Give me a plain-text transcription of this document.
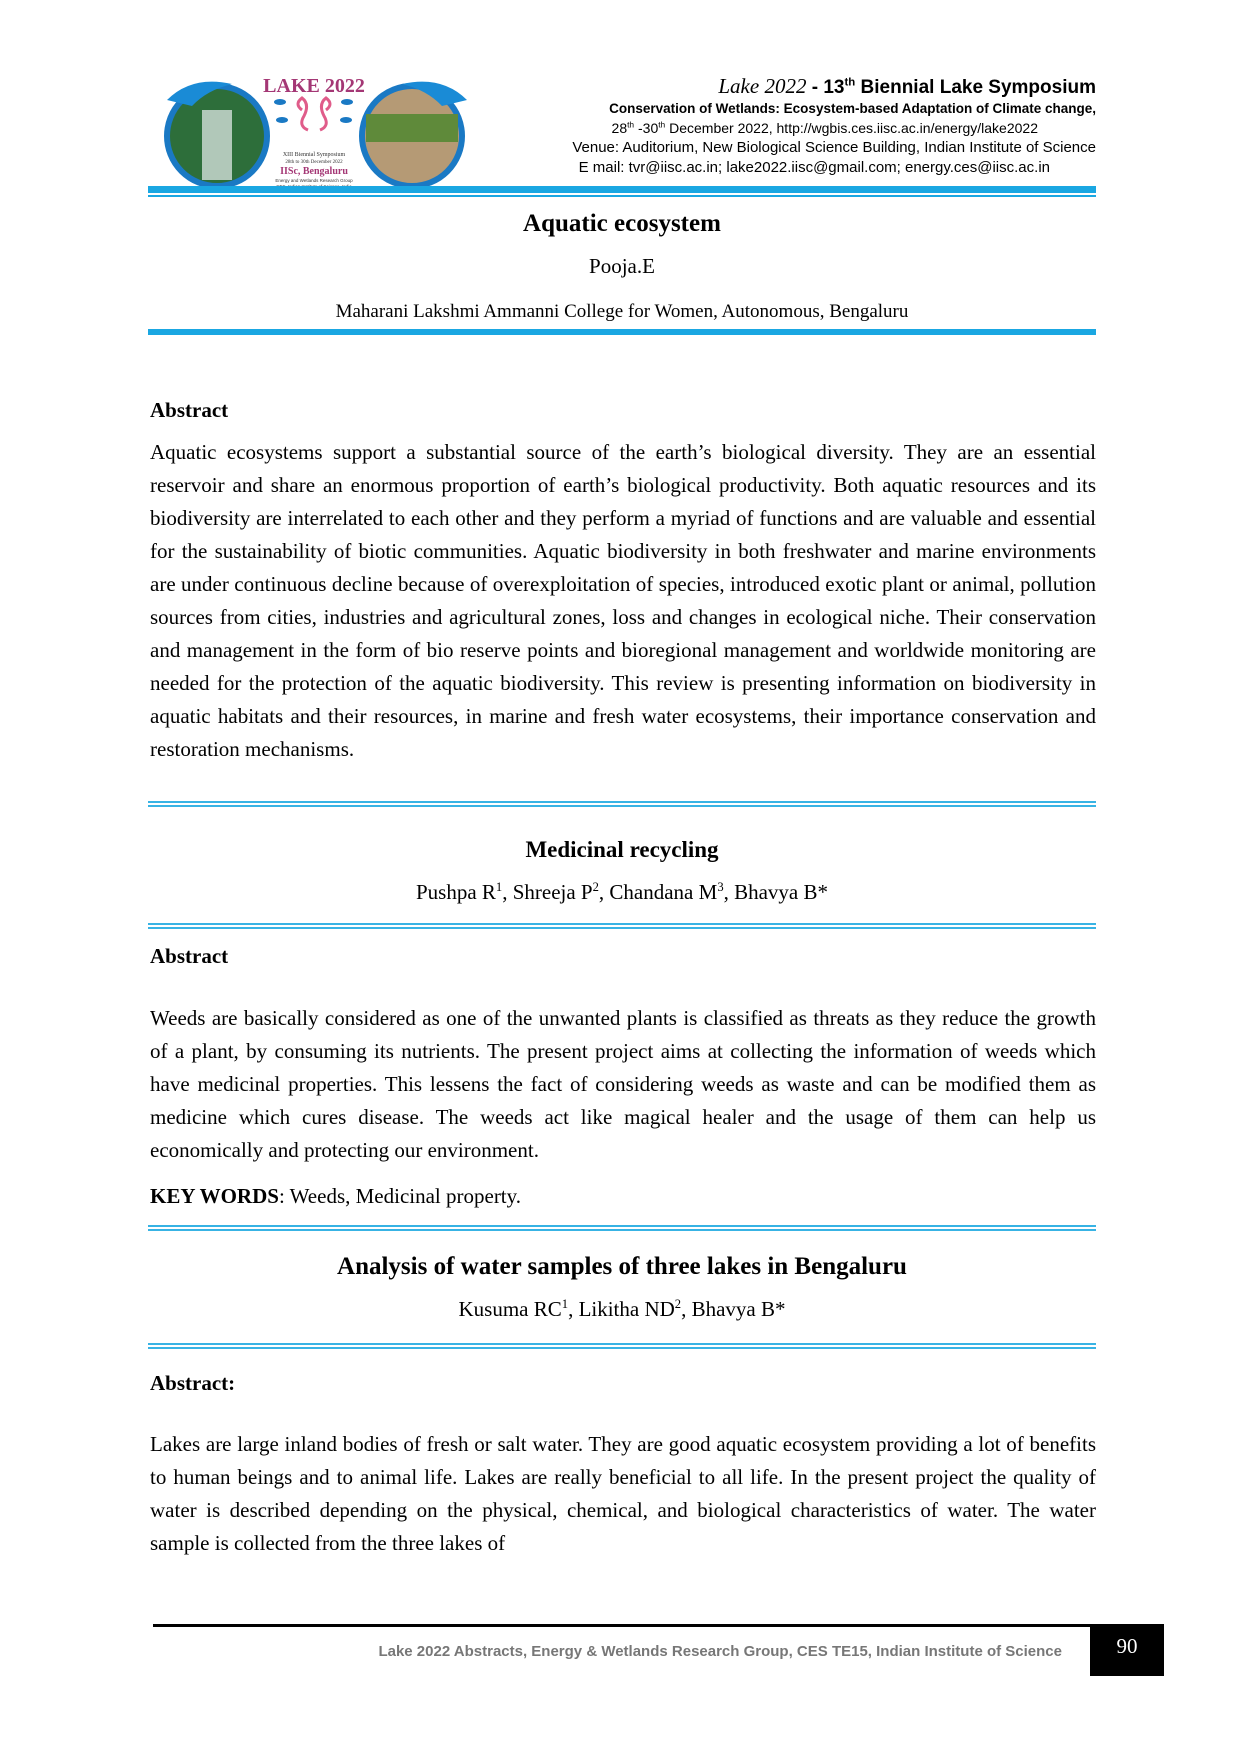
LAKE 2022
XIII Biennial Symposium
28th to 30th December 2022
IISc, Bengaluru
Energy and Wetlands Research Group
Lake 2022 - 13th Biennial Lake Symposium
Conservation of Wetlands: Ecosystem-based Adaptation of Climate change,
28th -30th December 2022, http://wgbis.ces.iisc.ac.in/energy/lake2022
Venue: Auditorium, New Biological Science Building, Indian Institute of Science
E mail: tvr@iisc.ac.in; lake2022.iisc@gmail.com; energy.ces@iisc.ac.in
Aquatic ecosystem
Pooja.E
Maharani Lakshmi Ammanni College for Women, Autonomous, Bengaluru
Abstract
Aquatic ecosystems support a substantial source of the earth’s biological diversity. They are an essential reservoir and share an enormous proportion of earth’s biological productivity. Both aquatic resources and its biodiversity are interrelated to each other and they perform a myriad of functions and are valuable and essential for the sustainability of biotic communities. Aquatic biodiversity in both freshwater and marine environments are under continuous decline because of overexploitation of species, introduced exotic plant or animal, pollution sources from cities, industries and agricultural zones, loss and changes in ecological niche. Their conservation and management in the form of bio reserve points and bioregional management and worldwide monitoring are needed for the protection of the aquatic biodiversity. This review is presenting information on biodiversity in aquatic habitats and their resources, in marine and fresh water ecosystems, their importance conservation and restoration mechanisms.
Medicinal recycling
Pushpa $R^1$, Shreeja $P^2$, Chandana $M^3$, Bhavya B*
Abstract
Weeds are basically considered as one of the unwanted plants is classified as threats as they reduce the growth of a plant, by consuming its nutrients. The present project aims at collecting the information of weeds which have medicinal properties. This lessens the fact of considering weeds as waste and can be modified them as medicine which cures disease. The weeds act like magical healer and the usage of them can help us economically and protecting our environment.
KEY WORDS: Weeds, Medicinal property.
Analysis of water samples of three lakes in Bengaluru
Kusuma $RC^1$, Likitha $ND^2$, Bhavya B*
Abstract:
Lakes are large inland bodies of fresh or salt water. They are good aquatic ecosystem providing a lot of benefits to human beings and to animal life. Lakes are really beneficial to all life. In the present project the quality of water is described depending on the physical, chemical, and biological characteristics of water. The water sample is collected from the three lakes of
Lake 2022 Abstracts, Energy & Wetlands Research Group, CES TE15, Indian Institute of Science	90
